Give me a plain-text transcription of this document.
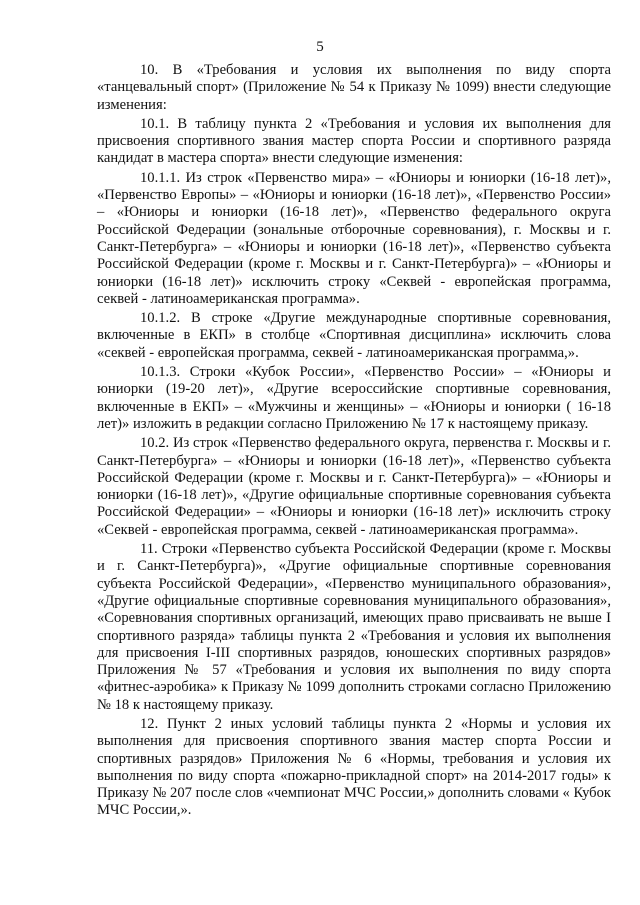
5

10. В «Требования и условия их выполнения по виду спорта «танцевальный спорт» (Приложение № 54 к Приказу № 1099) внести следующие изменения:

10.1. В таблицу пункта 2 «Требования и условия их выполнения для присвоения спортивного звания мастер спорта России и спортивного разряда кандидат в мастера спорта» внести следующие изменения:

10.1.1. Из строк «Первенство мира» – «Юниоры и юниорки (16-18 лет)», «Первенство Европы» – «Юниоры и юниорки (16-18 лет)», «Первенство России» – «Юниоры и юниорки (16-18 лет)», «Первенство федерального округа Российской Федерации (зональные отборочные соревнования), г. Москвы и г. Санкт-Петербурга» – «Юниоры и юниорки (16-18 лет)», «Первенство субъекта Российской Федерации (кроме г. Москвы и г. Санкт-Петербурга)» – «Юниоры и юниорки (16-18 лет)» исключить строку «Секвей - европейская программа, секвей - латиноамериканская программа».

10.1.2. В строке «Другие международные спортивные соревнования, включенные в ЕКП» в столбце «Спортивная дисциплина» исключить слова «секвей - европейская программа, секвей - латиноамериканская программа,».

10.1.3. Строки «Кубок России», «Первенство России» – «Юниоры и юниорки (19-20 лет)», «Другие всероссийские спортивные соревнования, включенные в ЕКП» – «Мужчины и женщины» – «Юниоры и юниорки ( 16-18 лет)» изложить в редакции согласно Приложению № 17 к настоящему приказу.

10.2. Из строк «Первенство федерального округа, первенства г. Москвы и г. Санкт-Петербурга» – «Юниоры и юниорки (16-18 лет)», «Первенство субъекта Российской Федерации (кроме г. Москвы и г. Санкт-Петербурга)» – «Юниоры и юниорки (16-18 лет)», «Другие официальные спортивные соревнования субъекта Российской Федерации» – «Юниоры и юниорки (16-18 лет)» исключить строку «Секвей - европейская программа, секвей - латиноамериканская программа».

11. Строки «Первенство субъекта Российской Федерации (кроме г. Москвы и г. Санкт-Петербурга)», «Другие официальные спортивные соревнования субъекта Российской Федерации», «Первенство муниципального образования», «Другие официальные спортивные соревнования муниципального образования», «Соревнования спортивных организаций, имеющих право присваивать не выше I спортивного разряда» таблицы пункта 2 «Требования и условия их выполнения для присвоения I-III спортивных разрядов, юношеских спортивных разрядов» Приложения № 57 «Требования и условия их выполнения по виду спорта «фитнес-аэробика» к Приказу № 1099 дополнить строками согласно Приложению № 18 к настоящему приказу.

12. Пункт 2 иных условий таблицы пункта 2 «Нормы и условия их выполнения для присвоения спортивного звания мастер спорта России и спортивных разрядов» Приложения № 6 «Нормы, требования и условия их выполнения по виду спорта «пожарно-прикладной спорт» на 2014-2017 годы» к Приказу № 207 после слов «чемпионат МЧС России,» дополнить словами « Кубок МЧС России,».
